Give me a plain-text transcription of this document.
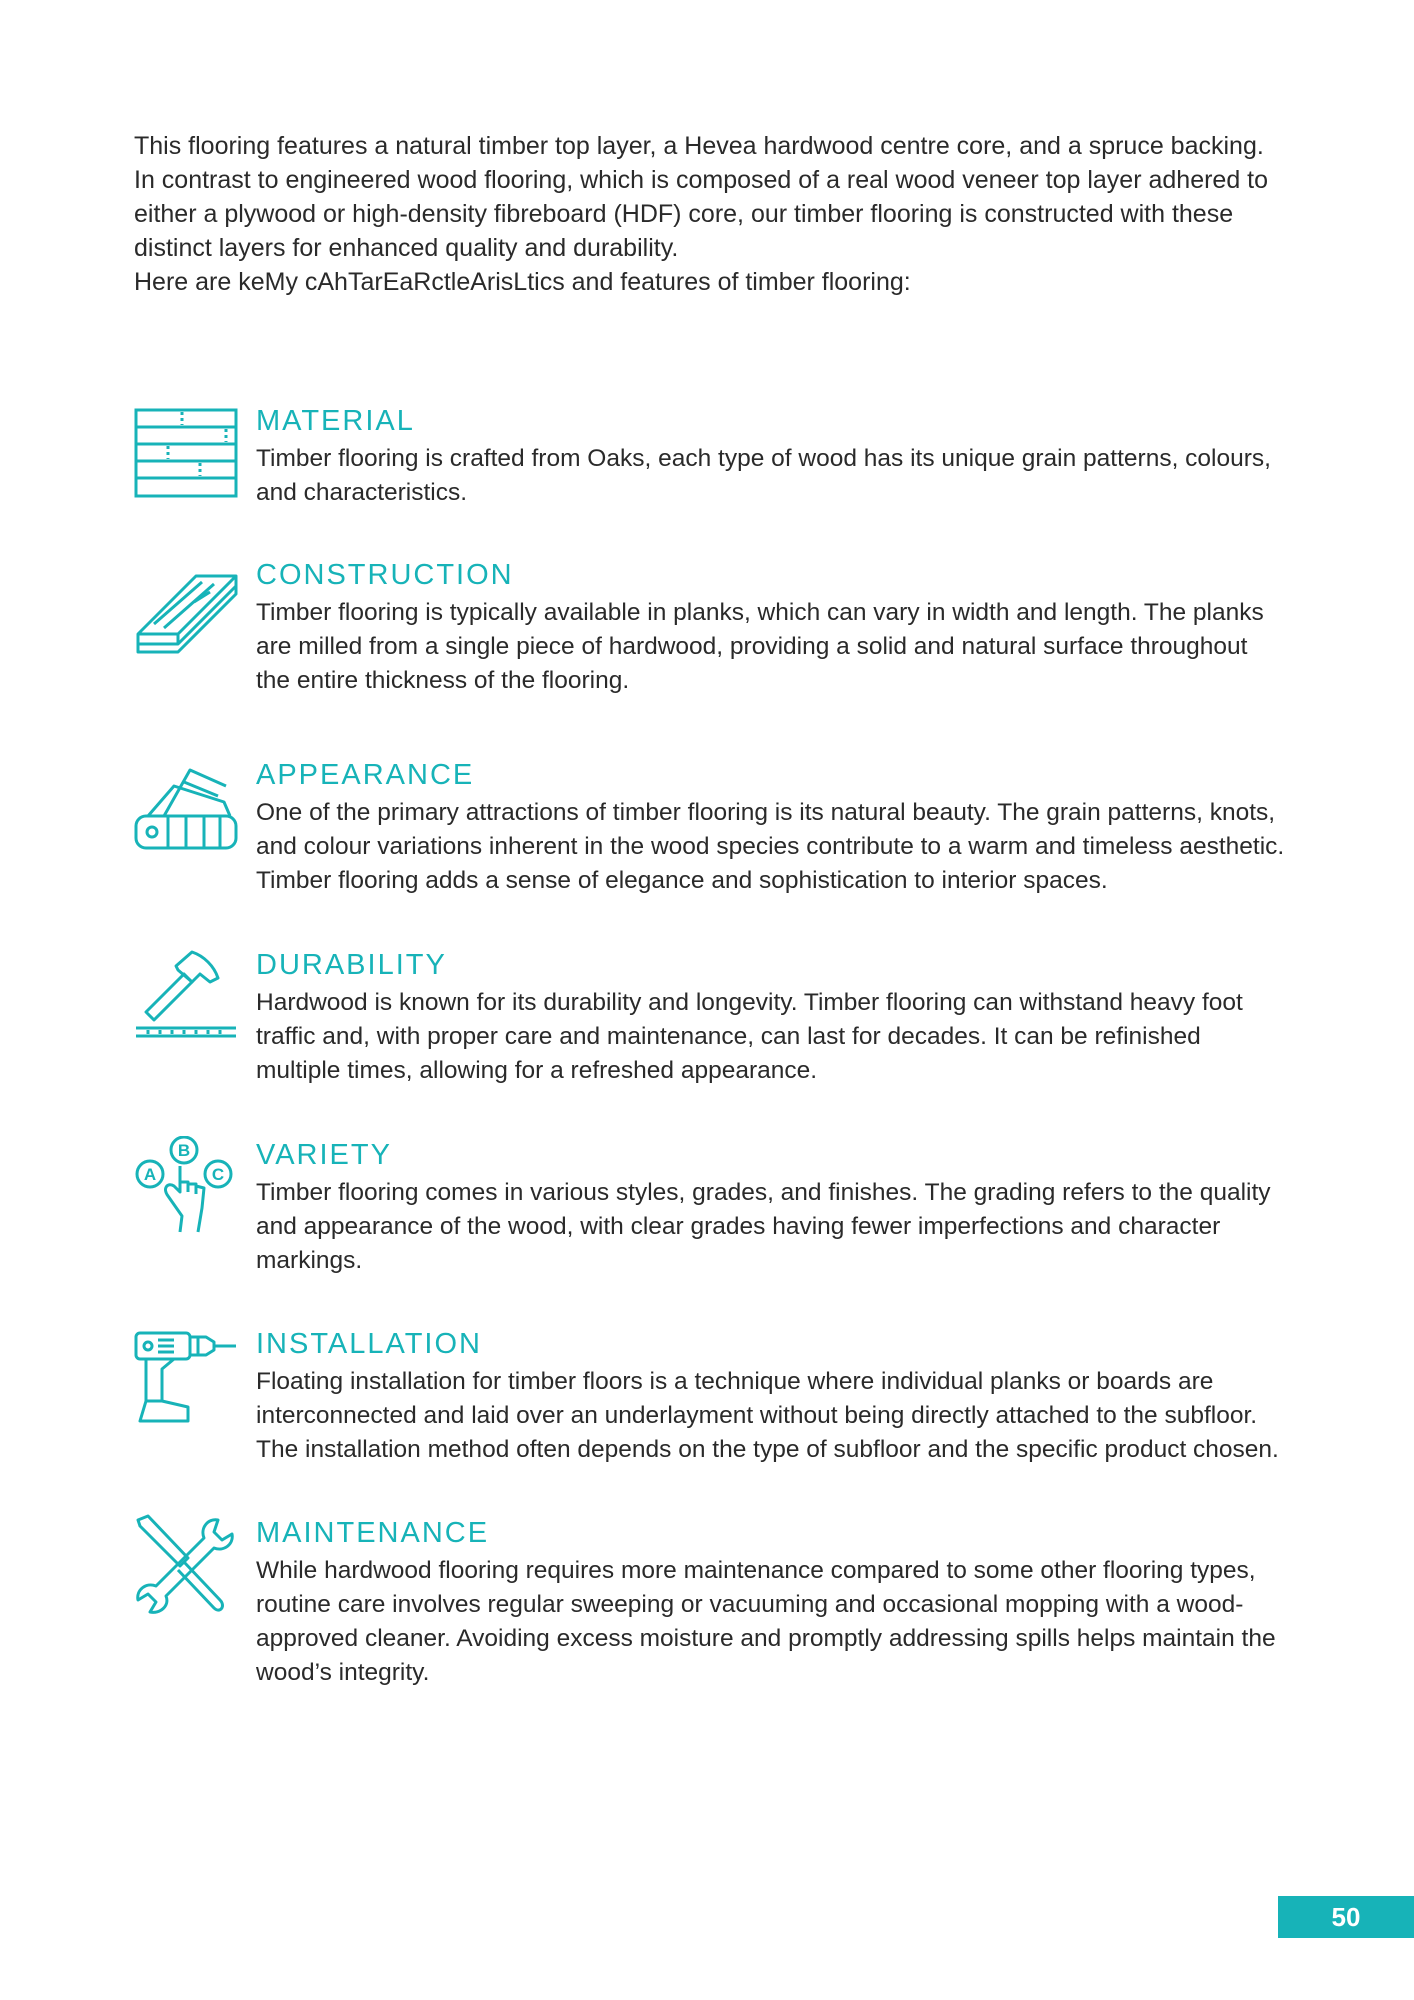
This flooring features a natural timber top layer, a Hevea hardwood centre core, and a spruce backing.

In contrast to engineered wood flooring, which is composed of a real wood veneer top layer adhered to either a plywood or high-density fibreboard (HDF) core, our timber flooring is constructed with these distinct layers for enhanced quality and durability.

Here are keMy cAhTarEaRctleArisLtics and features of timber flooring:

MATERIAL

Timber flooring is crafted from Oaks, each type of wood has its unique grain patterns, colours, and characteristics.

CONSTRUCTION

Timber flooring is typically available in planks, which can vary in width and length. The planks are milled from a single piece of hardwood, providing a solid and natural surface throughout the entire thickness of the flooring.

APPEARANCE

One of the primary attractions of timber flooring is its natural beauty. The grain patterns, knots, and colour variations inherent in the wood species contribute to a warm and timeless aesthetic. Timber flooring adds a sense of elegance and sophistication to interior spaces.

DURABILITY

Hardwood is known for its durability and longevity. Timber flooring can withstand heavy foot traffic and, with proper care and maintenance, can last for decades. It can be refinished multiple times, allowing for a refreshed appearance.

A
B
C
VARIETY

Timber flooring comes in various styles, grades, and finishes. The grading refers to the quality and appearance of the wood, with clear grades having fewer imperfections and character markings.

INSTALLATION

Floating installation for timber floors is a technique where individual planks or boards are interconnected and laid over an underlayment without being directly attached to the subfloor. The installation method often depends on the type of subfloor and the specific product chosen.

MAINTENANCE

While hardwood flooring requires more maintenance compared to some other flooring types, routine care involves regular sweeping or vacuuming and occasional mopping with a wood-approved cleaner. Avoiding excess moisture and promptly addressing spills helps maintain the wood’s integrity.

50
